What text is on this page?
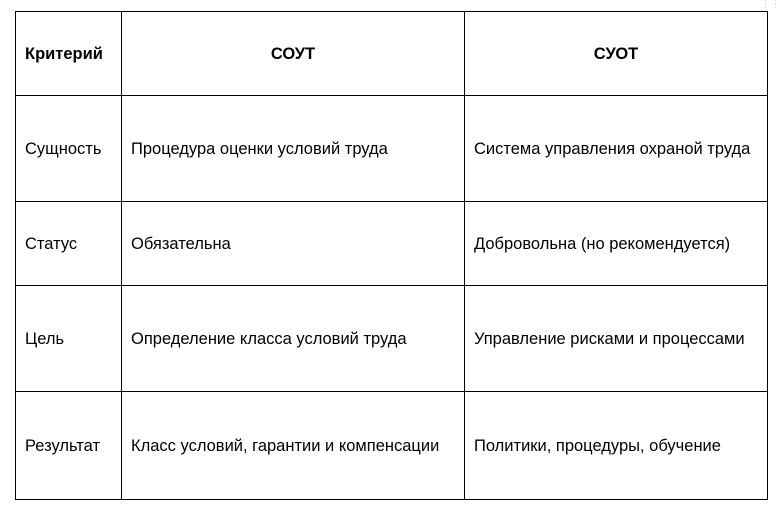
⋮⋮
Критерий	СОУТ	СУОТ
Сущность	Процедура оценки условий труда	Система управления охраной труда
Статус	Обязательна	Добровольна (но рекомендуется)
Цель	Определение класса условий труда	Управление рисками и процессами
Результат	Класс условий, гарантии и компенсации	Политики, процедуры, обучение
